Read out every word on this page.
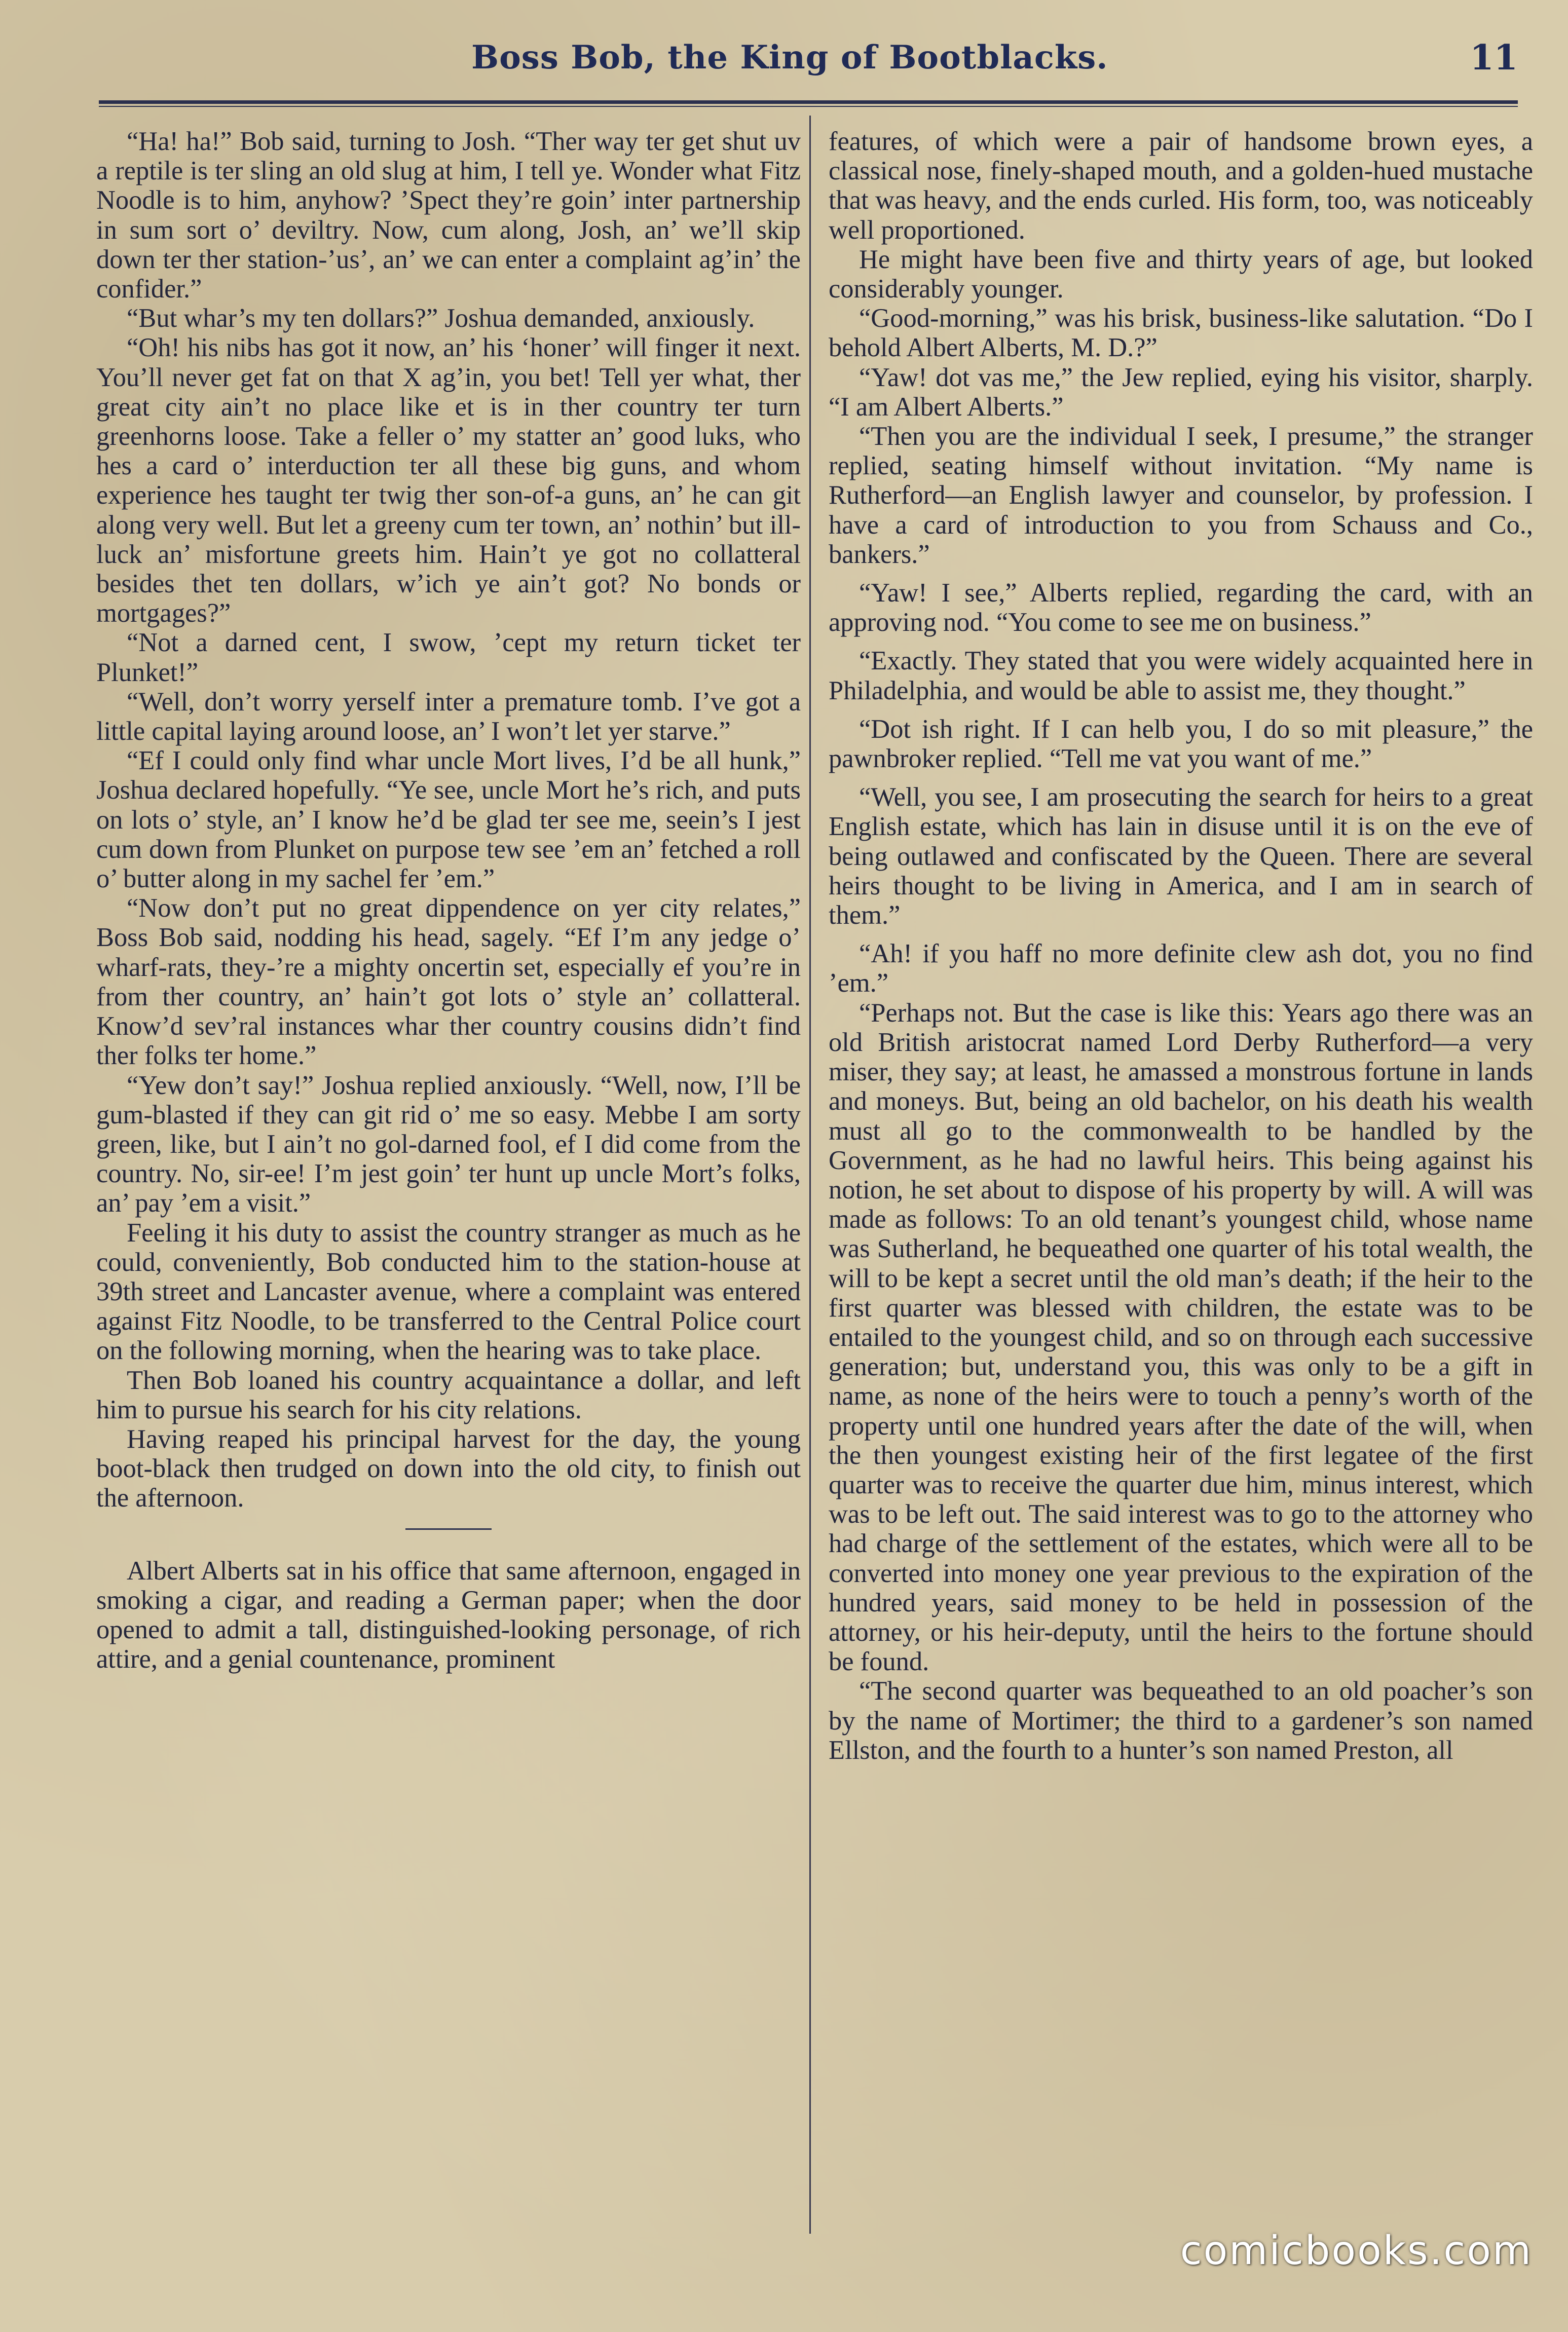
Boss Bob, the King of Bootblacks.	11

“Ha! ha!” Bob said, turning to Josh. “Ther way ter get shut uv a reptile is ter sling an old slug at him, I tell ye. Wonder what Fitz Noodle is to him, anyhow? ’Spect they’re goin’ inter partnership in sum sort o’ deviltry. Now, cum along, Josh, an’ we’ll skip down ter ther station-’us’, an’ we can enter a complaint ag’in’ the confider.”

“But whar’s my ten dollars?” Joshua demanded, anxiously.

“Oh! his nibs has got it now, an’ his ‘honer’ will finger it next. You’ll never get fat on that X ag’in, you bet! Tell yer what, ther great city ain’t no place like et is in ther country ter turn greenhorns loose. Take a feller o’ my statter an’ good luks, who hes a card o’ interduction ter all these big guns, and whom experience hes taught ter twig ther son-of-a guns, an’ he can git along very well. But let a greeny cum ter town, an’ nothin’ but ill-luck an’ misfortune greets him. Hain’t ye got no collatteral besides thet ten dollars, w’ich ye ain’t got? No bonds or mortgages?”

“Not a darned cent, I swow, ’cept my return ticket ter Plunket!”

“Well, don’t worry yerself inter a premature tomb. I’ve got a little capital laying around loose, an’ I won’t let yer starve.”

“Ef I could only find whar uncle Mort lives, I’d be all hunk,” Joshua declared hopefully. “Ye see, uncle Mort he’s rich, and puts on lots o’ style, an’ I know he’d be glad ter see me, seein’s I jest cum down from Plunket on purpose tew see ’em an’ fetched a roll o’ butter along in my sachel fer ’em.”

“Now don’t put no great dippendence on yer city relates,” Boss Bob said, nodding his head, sagely. “Ef I’m any jedge o’ wharf-rats, they-’re a mighty oncertin set, especially ef you’re in from ther country, an’ hain’t got lots o’ style an’ collatteral. Know’d sev’ral instances whar ther country cousins didn’t find ther folks ter home.”

“Yew don’t say!” Joshua replied anxiously. “Well, now, I’ll be gum-blasted if they can git rid o’ me so easy. Mebbe I am sorty green, like, but I ain’t no gol-darned fool, ef I did come from the country. No, sir-ee! I’m jest goin’ ter hunt up uncle Mort’s folks, an’ pay ’em a visit.”

Feeling it his duty to assist the country stranger as much as he could, conveniently, Bob conducted him to the station-house at 39th street and Lancaster avenue, where a complaint was entered against Fitz Noodle, to be transferred to the Central Police court on the following morning, when the hearing was to take place.

Then Bob loaned his country acquaintance a dollar, and left him to pursue his search for his city relations.

Having reaped his principal harvest for the day, the young boot-black then trudged on down into the old city, to finish out the afternoon.

Albert Alberts sat in his office that same afternoon, engaged in smoking a cigar, and reading a German paper; when the door opened to admit a tall, distinguished-looking personage, of rich attire, and a genial countenance, prominent

features, of which were a pair of handsome brown eyes, a classical nose, finely-shaped mouth, and a golden-hued mustache that was heavy, and the ends curled. His form, too, was noticeably well proportioned.

He might have been five and thirty years of age, but looked considerably younger.

“Good-morning,” was his brisk, business-like salutation. “Do I behold Albert Alberts, M. D.?”

“Yaw! dot vas me,” the Jew replied, eying his visitor, sharply. “I am Albert Alberts.”

“Then you are the individual I seek, I presume,” the stranger replied, seating himself without invitation. “My name is Rutherford—an English lawyer and counselor, by profession. I have a card of introduction to you from Schauss and Co., bankers.”

“Yaw! I see,” Alberts replied, regarding the card, with an approving nod. “You come to see me on business.”

“Exactly. They stated that you were widely acquainted here in Philadelphia, and would be able to assist me, they thought.”

“Dot ish right. If I can helb you, I do so mit pleasure,” the pawnbroker replied. “Tell me vat you want of me.”

“Well, you see, I am prosecuting the search for heirs to a great English estate, which has lain in disuse until it is on the eve of being outlawed and confiscated by the Queen. There are several heirs thought to be living in America, and I am in search of them.”

“Ah! if you haff no more definite clew ash dot, you no find ’em.”

“Perhaps not. But the case is like this: Years ago there was an old British aristocrat named Lord Derby Rutherford—a very miser, they say; at least, he amassed a monstrous fortune in lands and moneys. But, being an old bachelor, on his death his wealth must all go to the commonwealth to be handled by the Government, as he had no lawful heirs. This being against his notion, he set about to dispose of his property by will. A will was made as follows: To an old tenant’s youngest child, whose name was Sutherland, he bequeathed one quarter of his total wealth, the will to be kept a secret until the old man’s death; if the heir to the first quarter was blessed with children, the estate was to be entailed to the youngest child, and so on through each successive generation; but, understand you, this was only to be a gift in name, as none of the heirs were to touch a penny’s worth of the property until one hundred years after the date of the will, when the then youngest existing heir of the first legatee of the first quarter was to receive the quarter due him, minus interest, which was to be left out. The said interest was to go to the attorney who had charge of the settlement of the estates, which were all to be converted into money one year previous to the expiration of the hundred years, said money to be held in possession of the attorney, or his heir-deputy, until the heirs to the fortune should be found.

“The second quarter was bequeathed to an old poacher’s son by the name of Mortimer; the third to a gardener’s son named Ellston, and the fourth to a hunter’s son named Preston, all

comicbooks.com
